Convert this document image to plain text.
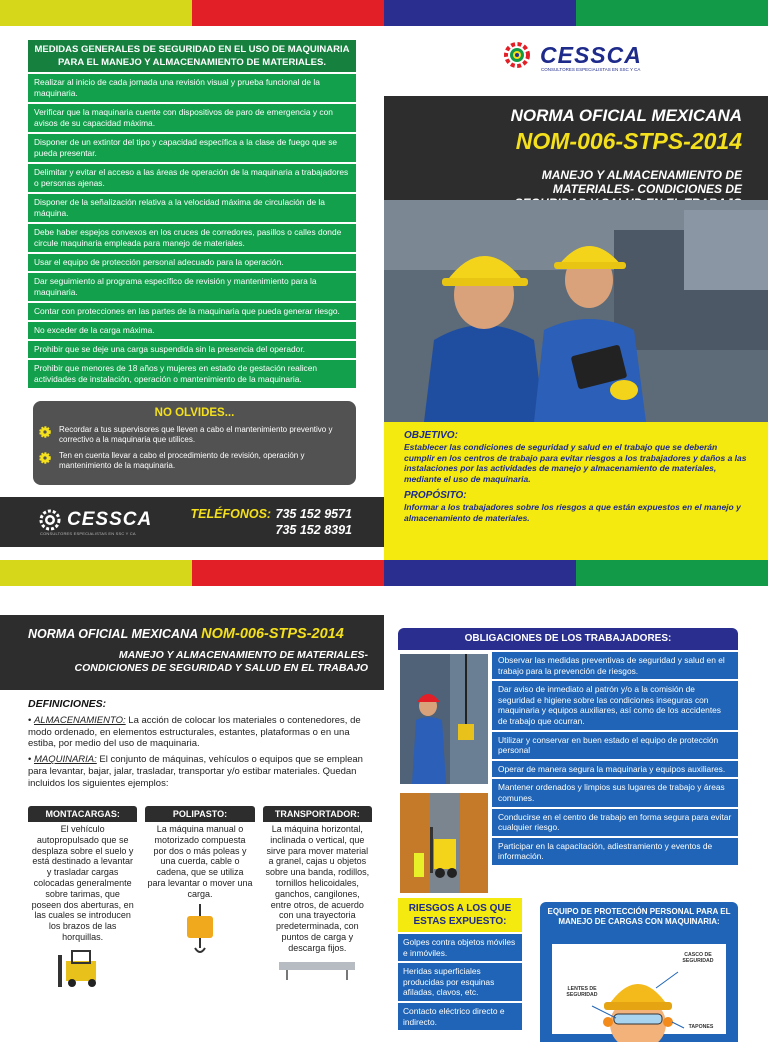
MEDIDAS GENERALES DE SEGURIDAD EN EL USO DE MAQUINARIA PARA EL MANEJO Y ALMACENAMIENTO DE MATERIALES.
Realizar al inicio de cada jornada una revisión visual y prueba funcional de la maquinaria.
Verificar que la maquinaria cuente con dispositivos de paro de emergencia y con avisos de su capacidad máxima.
Disponer de un extintor del tipo y capacidad específica a la clase de fuego que se pueda presentar.
Delimitar y evitar el acceso a las áreas de operación de la maquinaria a trabajadores o personas ajenas.
Disponer de la señalización relativa a la velocidad máxima de circulación de la máquina.
Debe haber espejos convexos en los cruces de corredores, pasillos o calles donde circule maquinaria empleada para manejo de materiales.
Usar el equipo de protección personal adecuado para la operación.
Dar seguimiento al programa específico de revisión y mantenimiento para la maquinaria.
Contar con protecciones en las partes de la maquinaria que pueda generar riesgo.
No exceder de la carga máxima.
Prohibir que se deje una carga suspendida sin la presencia del operador.
Prohibir que menores de 18 años y mujeres en estado de gestación realicen actividades de instalación, operación o mantenimiento de la maquinaria.
NO OLVIDES...
Recordar a tus supervisores que lleven a cabo el mantenimiento preventivo y correctivo a la maquinaria que utilices.
Ten en cuenta llevar a cabo el procedimiento de revisión, operación y mantenimiento de la maquinaria.
CESSCA
CONSULTORES ESPECIALISTAS EN SSC Y CA
TELÉFONOS: 735 152 9571
735 152 8391
CESSCA
CONSULTORES ESPECIALISTAS EN SSC Y CA
NORMA OFICIAL MEXICANA
NOM-006-STPS-2014
MANEJO Y ALMACENAMIENTO DE MATERIALES- CONDICIONES DE
OBJETIVO:
Establecer las condiciones de seguridad y salud en el trabajo que se deberán cumplir en los centros de trabajo para evitar riesgos a los trabajadores y daños a las instalaciones por las actividades de manejo y almacenamiento de materiales, mediante el uso de maquinaria.
PROPÓSITO:
Informar a los trabajadores sobre los riesgos a que están expuestos en el manejo y almacenamiento de materiales.
NORMA OFICIAL MEXICANA NOM-006-STPS-2014
MANEJO Y ALMACENAMIENTO DE MATERIALES-
CONDICIONES DE SEGURIDAD Y SALUD EN EL TRABAJO
DEFINICIONES:
• ALMACENAMIENTO: La acción de colocar los materiales o contenedores, de modo ordenado, en elementos estructurales, estantes, plataformas o en una estiba, por medio del uso de maquinaria.
• MAQUINARIA: El conjunto de máquinas, vehículos o equipos que se emplean para levantar, bajar, jalar, trasladar, transportar y/o estibar materiales. Quedan incluidos los siguientes ejemplos:
MONTACARGAS:
El vehículo autopropulsado que se desplaza sobre el suelo y está destinado a levantar y trasladar cargas colocadas generalmente sobre tarimas, que poseen dos aberturas, en las cuales se introducen los brazos de las horquillas.
POLIPASTO:
La máquina manual o motorizado compuesta por dos o más poleas y una cuerda, cable o cadena, que se utiliza para levantar o mover una carga.
TRANSPORTADOR:
La máquina horizontal, inclinada o vertical, que sirve para mover material a granel, cajas u objetos sobre una banda, rodillos, tornillos helicoidales, ganchos, cangilones, entre otros, de acuerdo con una trayectoria predeterminada, con puntos de carga y descarga fijos.
OBLIGACIONES DE LOS TRABAJADORES:

Observar las medidas preventivas de seguridad y salud en el trabajo para la prevención de riesgos.
Dar aviso de inmediato al patrón y/o a la comisión de seguridad e higiene sobre las condiciones inseguras con maquinaria y equipos auxiliares, así como de los accidentes de trabajo que ocurran.
Utilizar y conservar en buen estado el equipo de protección personal
Operar de manera segura la maquinaria y equipos auxiliares.
Mantener ordenados y limpios sus lugares de trabajo y áreas comunes.
Conducirse en el centro de trabajo en forma segura para evitar cualquier riesgo.
Participar en la capacitación, adiestramiento y eventos de información.
RIESGOS A LOS QUE ESTAS EXPUESTO:
Golpes contra objetos móviles e inmóviles.
Heridas superficiales producidas por esquinas afiladas, clavos, etc.
Contacto eléctrico directo e indirecto.
EQUIPO DE PROTECCIÓN PERSONAL PARA EL MANEJO DE CARGAS CON MAQUINARIA:
LENTES DE SEGURIDAD
CASCO DE SEGURIDAD
TAPONES
